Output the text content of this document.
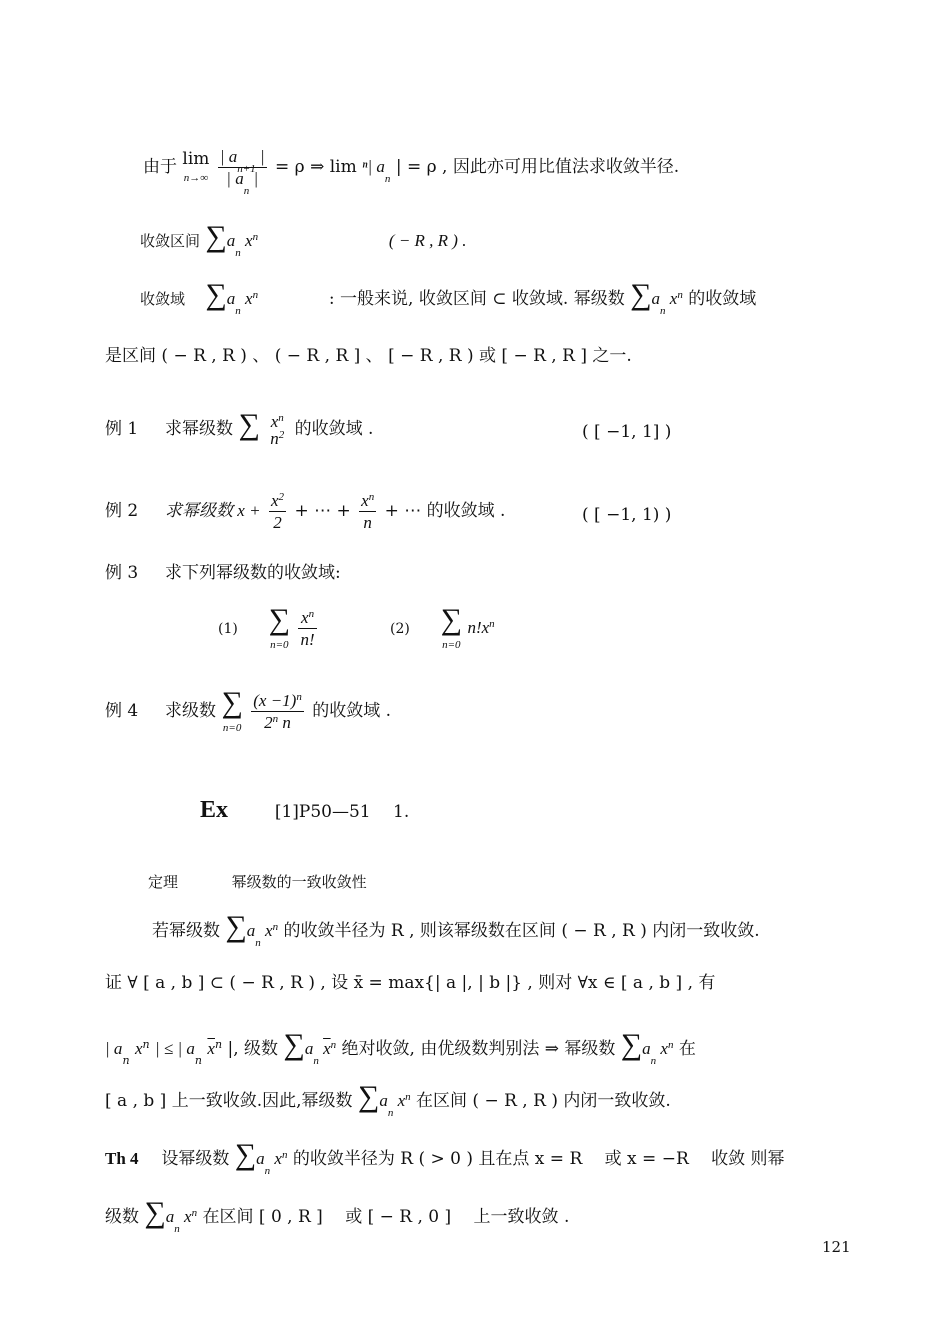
由于 lim
$n\to\infty \frac{| a_{n+1} |}{| a_n |} = \rho$ ⇒ lim ⁿ| $a_n$ | = ρ , 因此亦可用比值法求收敛半径.
收敛区间 $\sum a_n$ $x^n$	( − R , R ) .
收敛域 $\sum a_n$ $x^n$	: 一般来说, 收敛区间 ⊂ 收敛域. 幂级数 $\sum a_n$ $x^n$ 的收敛域
是区间 ( − R , R ) 、 ( − R , R ] 、 [ − R , R ) 或 [ − R , R ] 之一.
例 1 求幂级数 ∑ $x^n$
$n^2$ 的收敛域 .	( [ −1, 1] )
例 2 求幂级数 $x + \frac{x^2}{2}$ + ⋯ + $\frac{x^n}{n}$ + ⋯ 的收敛域 .	( [ −1, 1) )
例 3 求下列幂级数的收敛域:
(1) ∑
$n=0 \frac{x^n}{n!}$	(2) ∑
n=0 $n!x^n$
例 4 求级数 ∑
$n=0 \frac{(x -1)^n}{2^n n}$ 的收敛域 .
Ex	[1]P50—51　 1.
定理	幂级数的一致收敛性
若幂级数 $\sum a_n$ $x^n$ 的收敛半径为 R , 则该幂级数在区间 ( − R , R ) 内闭一致收敛.
证 ∀ [ a , b ] ⊂ ( − R , R ) , 设 x̄ = max{| a |, | b |} , 则对 ∀x ∈ [ a , b ] , 有
| $a_n$ $x^n$ | ≤ | $a_n$ $\overline{x}^n$ |, 级数 $\sum a_n$ $\overline{x}^n$ 绝对收敛, 由优级数判别法 ⇒ 幂级数 $\sum a_n$ $x^n$ 在
[ a , b ] 上一致收敛.因此,幂级数 $\sum a_n$ $x^n$ 在区间 ( − R , R ) 内闭一致收敛.
Th 4 设幂级数 $\sum a_n$ $x^n$ 的收敛半径为 R ( > 0 ) 且在点 x = R　 或 x = −R　 收敛 则幂
级数 $\sum a_n$ $x^n$ 在区间 [ 0 , R ]　 或 [ − R , 0 ]　 上一致收敛 .
121
